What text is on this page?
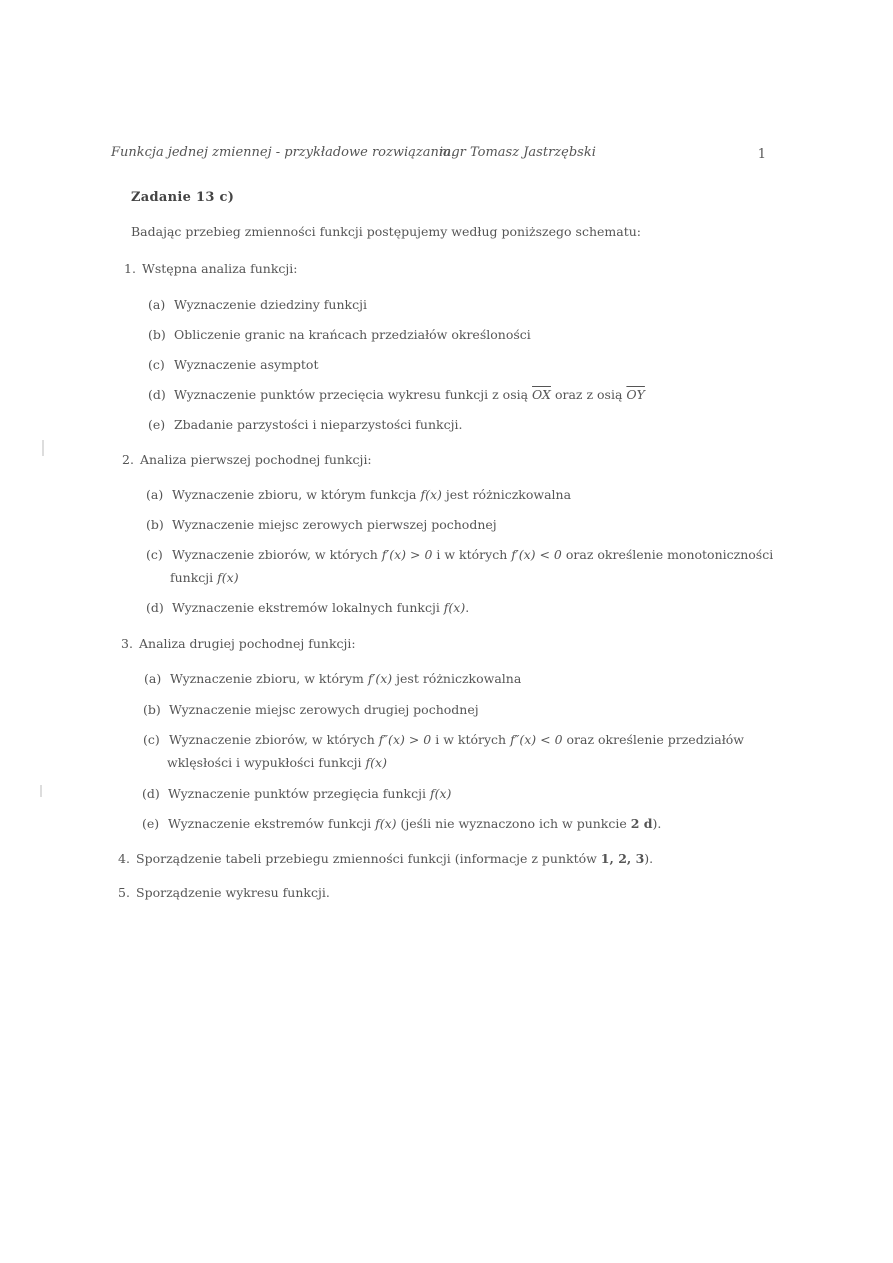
Funkcja jednej zmiennej - przykładowe rozwiązania.
mgr Tomasz Jastrzębski	1
Zadanie 13 c)
Badając przebieg zmienności funkcji postępujemy według poniższego schematu:
1. Wstępna analiza funkcji:
(a) Wyznaczenie dziedziny funkcji
(b) Obliczenie granic na krańcach przedziałów określoności
(c) Wyznaczenie asymptot
(d) Wyznaczenie punktów przecięcia wykresu funkcji z osią $\overline{OX}$ oraz z osią $\overline{OY}$
(e) Zbadanie parzystości i nieparzystości funkcji.
2. Analiza pierwszej pochodnej funkcji:
(a) Wyznaczenie zbioru, w którym funkcja f(x) jest różniczkowalna
(b) Wyznaczenie miejsc zerowych pierwszej pochodnej
(c) Wyznaczenie zbiorów, w których f′(x) > 0 i w których f′(x) < 0 oraz określenie monotoniczności
funkcji f(x)
(d) Wyznaczenie ekstremów lokalnych funkcji f(x).
3. Analiza drugiej pochodnej funkcji:
(a) Wyznaczenie zbioru, w którym f′(x) jest różniczkowalna
(b) Wyznaczenie miejsc zerowych drugiej pochodnej
(c) Wyznaczenie zbiorów, w których f″(x) > 0 i w których f″(x) < 0 oraz określenie przedziałów
wklęsłości i wypukłości funkcji f(x)
(d) Wyznaczenie punktów przegięcia funkcji f(x)
(e) Wyznaczenie ekstremów funkcji f(x) (jeśli nie wyznaczono ich w punkcie 2 d).
4. Sporządzenie tabeli przebiegu zmienności funkcji (informacje z punktów 1, 2, 3).
5. Sporządzenie wykresu funkcji.
